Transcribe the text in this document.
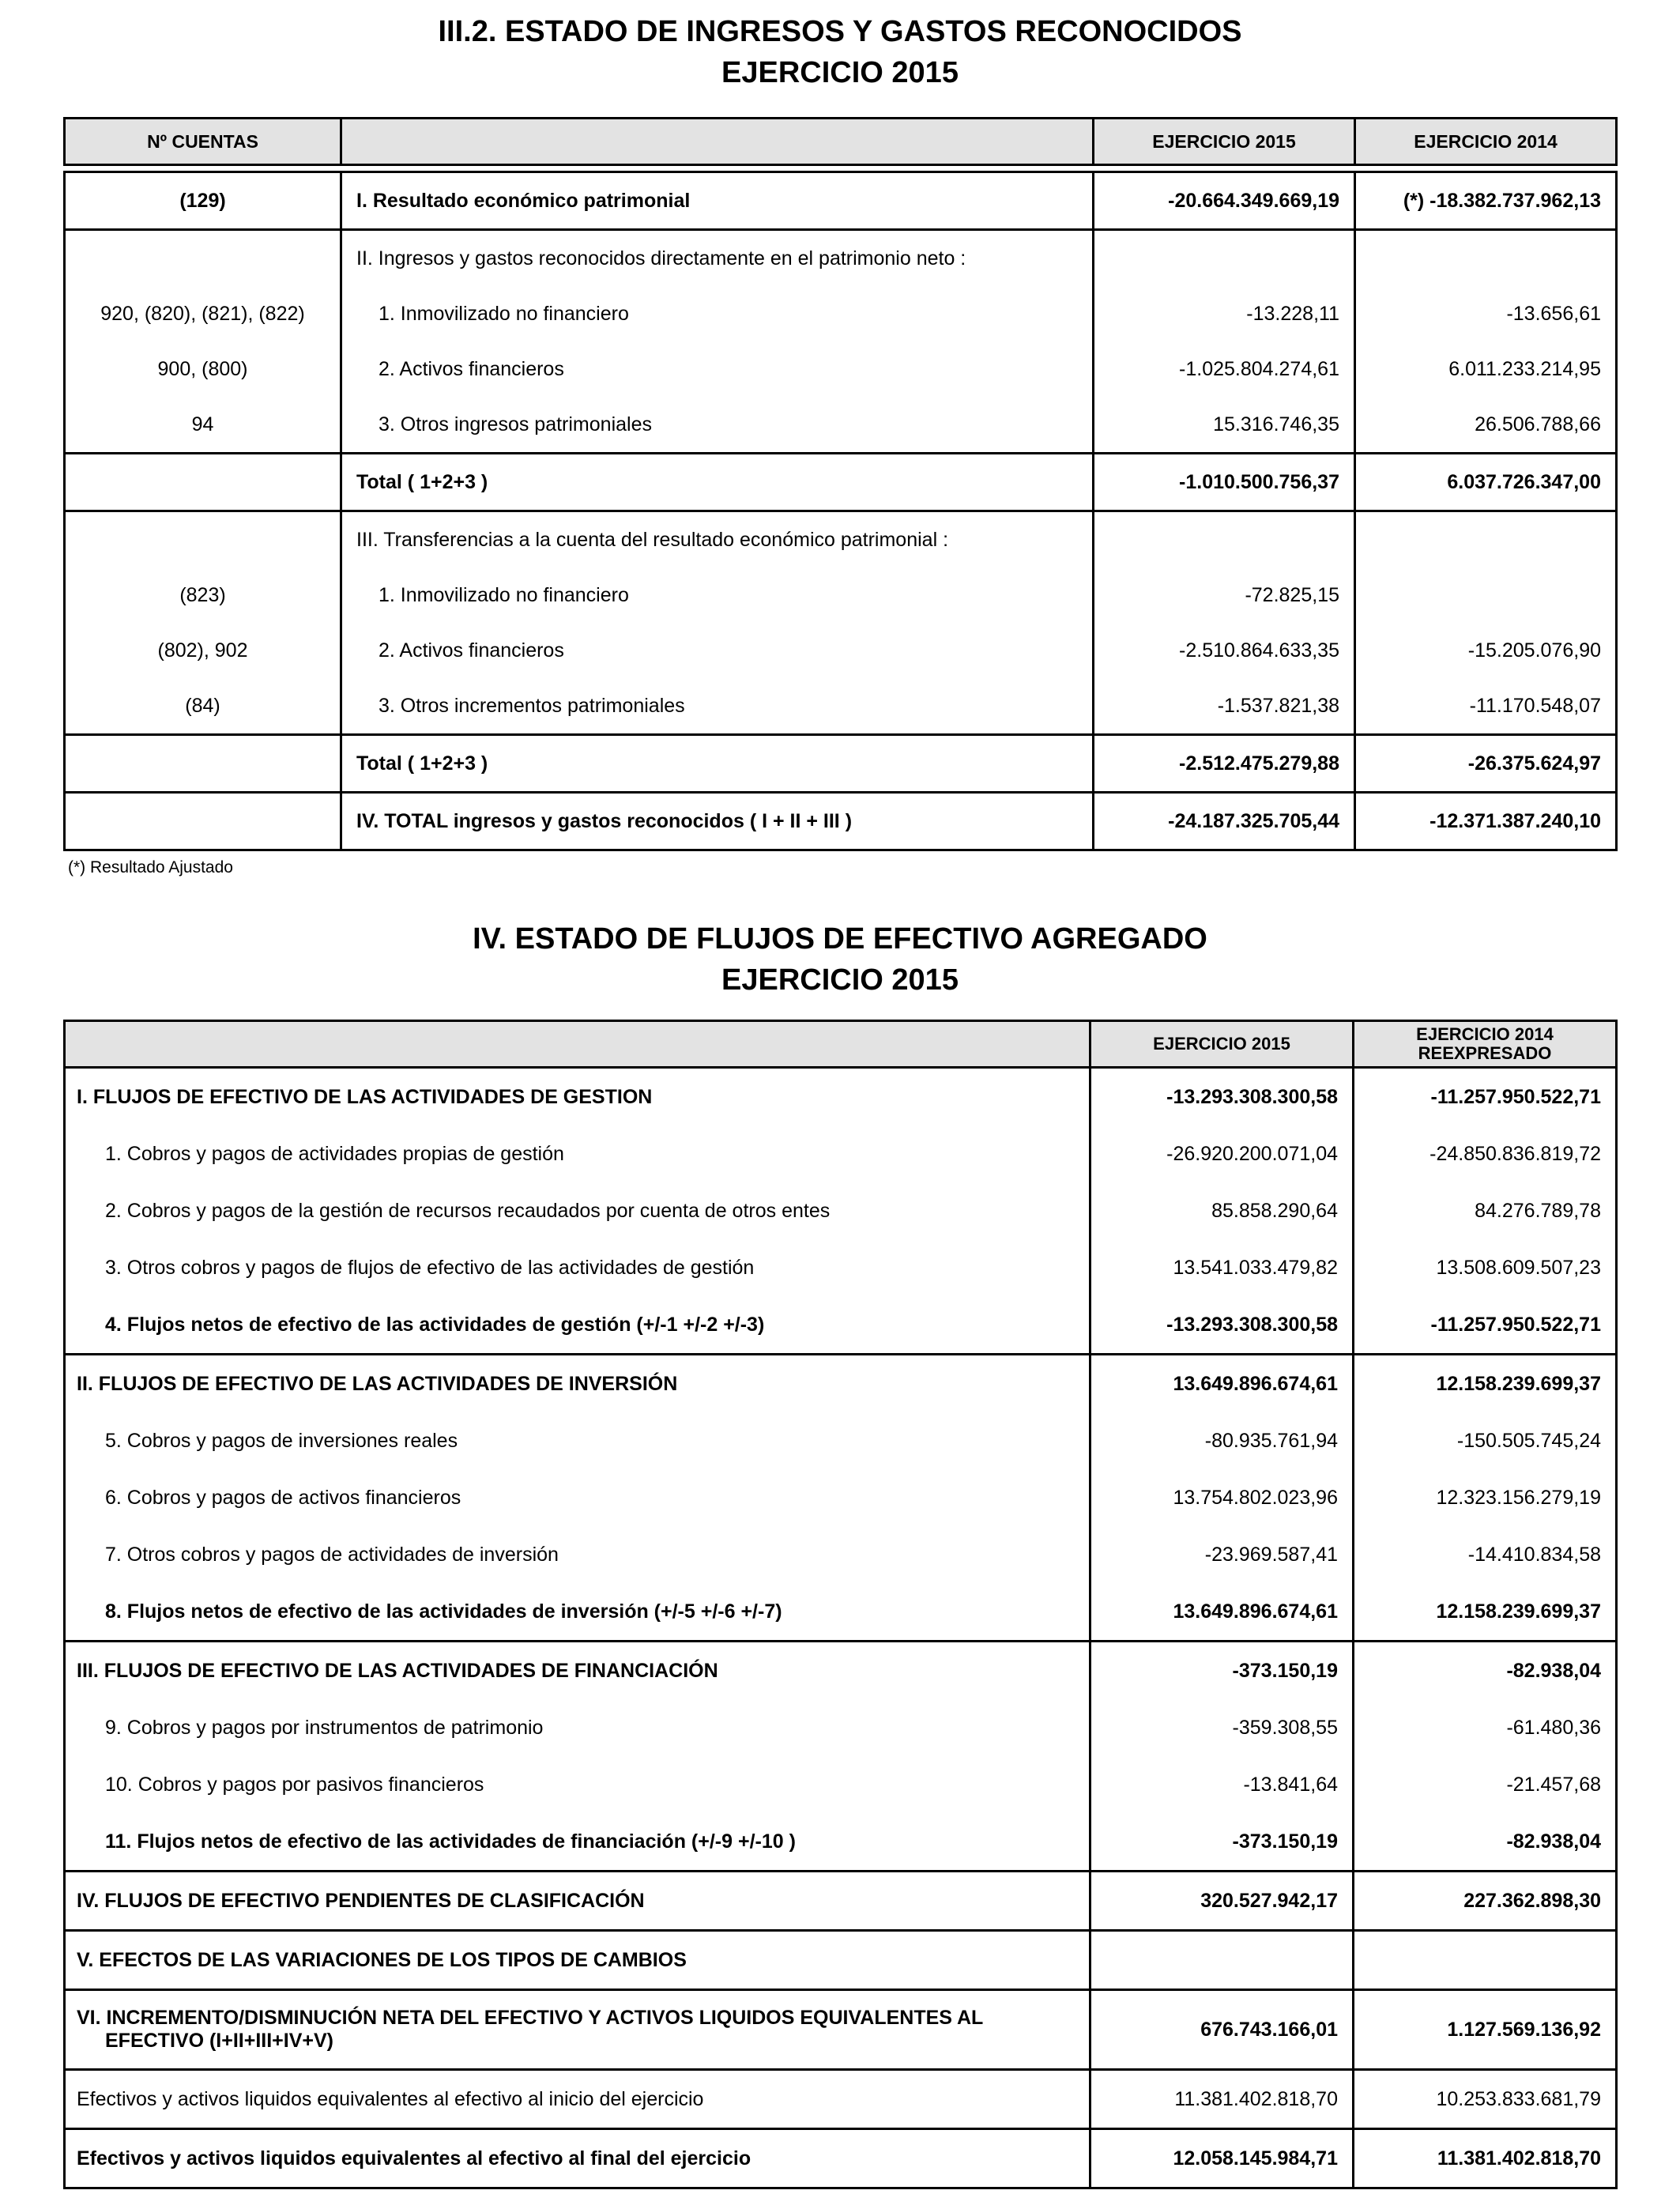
III.2. ESTADO DE INGRESOS Y GASTOS RECONOCIDOS
EJERCICIO 2015
Nº CUENTAS		EJERCICIO 2015	EJERCICIO 2014

(129)	I. Resultado económico patrimonial	-20.664.349.669,19	(*) -18.382.737.962,13
	II. Ingresos y gastos reconocidos directamente en el patrimonio neto :		
920, (820), (821), (822)	1. Inmovilizado no financiero	-13.228,11	-13.656,61
900, (800)	2. Activos financieros	-1.025.804.274,61	6.011.233.214,95
94	3. Otros ingresos patrimoniales	15.316.746,35	26.506.788,66
	Total ( 1+2+3 )	-1.010.500.756,37	6.037.726.347,00
	III. Transferencias a la cuenta del resultado económico patrimonial :		
(823)	1. Inmovilizado no financiero	-72.825,15	
(802), 902	2. Activos financieros	-2.510.864.633,35	-15.205.076,90
(84)	3. Otros incrementos patrimoniales	-1.537.821,38	-11.170.548,07
	Total ( 1+2+3 )	-2.512.475.279,88	-26.375.624,97
	IV. TOTAL ingresos y gastos reconocidos ( I + II + III )	-24.187.325.705,44	-12.371.387.240,10
(*) Resultado Ajustado
IV. ESTADO DE FLUJOS DE EFECTIVO AGREGADO
EJERCICIO 2015
	EJERCICIO 2015	EJERCICIO 2014
REEXPRESADO

I. FLUJOS DE EFECTIVO DE LAS ACTIVIDADES DE GESTION	-13.293.308.300,58	-11.257.950.522,71
1. Cobros y pagos de actividades propias de gestión	-26.920.200.071,04	-24.850.836.819,72
2. Cobros y pagos de la gestión de recursos recaudados por cuenta de otros entes	85.858.290,64	84.276.789,78
3. Otros cobros y pagos de flujos de efectivo de las actividades de gestión	13.541.033.479,82	13.508.609.507,23
4. Flujos netos de efectivo de las actividades de gestión (+/-1 +/-2 +/-3)	-13.293.308.300,58	-11.257.950.522,71
II. FLUJOS DE EFECTIVO DE LAS ACTIVIDADES DE INVERSIÓN	13.649.896.674,61	12.158.239.699,37
5. Cobros y pagos de inversiones reales	-80.935.761,94	-150.505.745,24
6. Cobros y pagos de activos financieros	13.754.802.023,96	12.323.156.279,19
7. Otros cobros y pagos de actividades de inversión	-23.969.587,41	-14.410.834,58
8. Flujos netos de efectivo de las actividades de inversión (+/-5 +/-6 +/-7)	13.649.896.674,61	12.158.239.699,37
III. FLUJOS DE EFECTIVO DE LAS ACTIVIDADES DE FINANCIACIÓN	-373.150,19	-82.938,04
9. Cobros y pagos por instrumentos de patrimonio	-359.308,55	-61.480,36
10. Cobros y pagos por pasivos financieros	-13.841,64	-21.457,68
11. Flujos netos de efectivo de las actividades de financiación (+/-9 +/-10 )	-373.150,19	-82.938,04
IV. FLUJOS DE EFECTIVO PENDIENTES DE CLASIFICACIÓN	320.527.942,17	227.362.898,30
V. EFECTOS DE LAS VARIACIONES DE LOS TIPOS DE CAMBIOS		

VI. INCREMENTO/DISMINUCIÓN NETA DEL EFECTIVO Y ACTIVOS LIQUIDOS EQUIVALENTES AL
EFECTIVO (I+II+III+IV+V)	676.743.166,01	1.127.569.136,92
Efectivos y activos liquidos equivalentes al efectivo al inicio del ejercicio	11.381.402.818,70	10.253.833.681,79
Efectivos y activos liquidos equivalentes al efectivo al final del ejercicio	12.058.145.984,71	11.381.402.818,70
